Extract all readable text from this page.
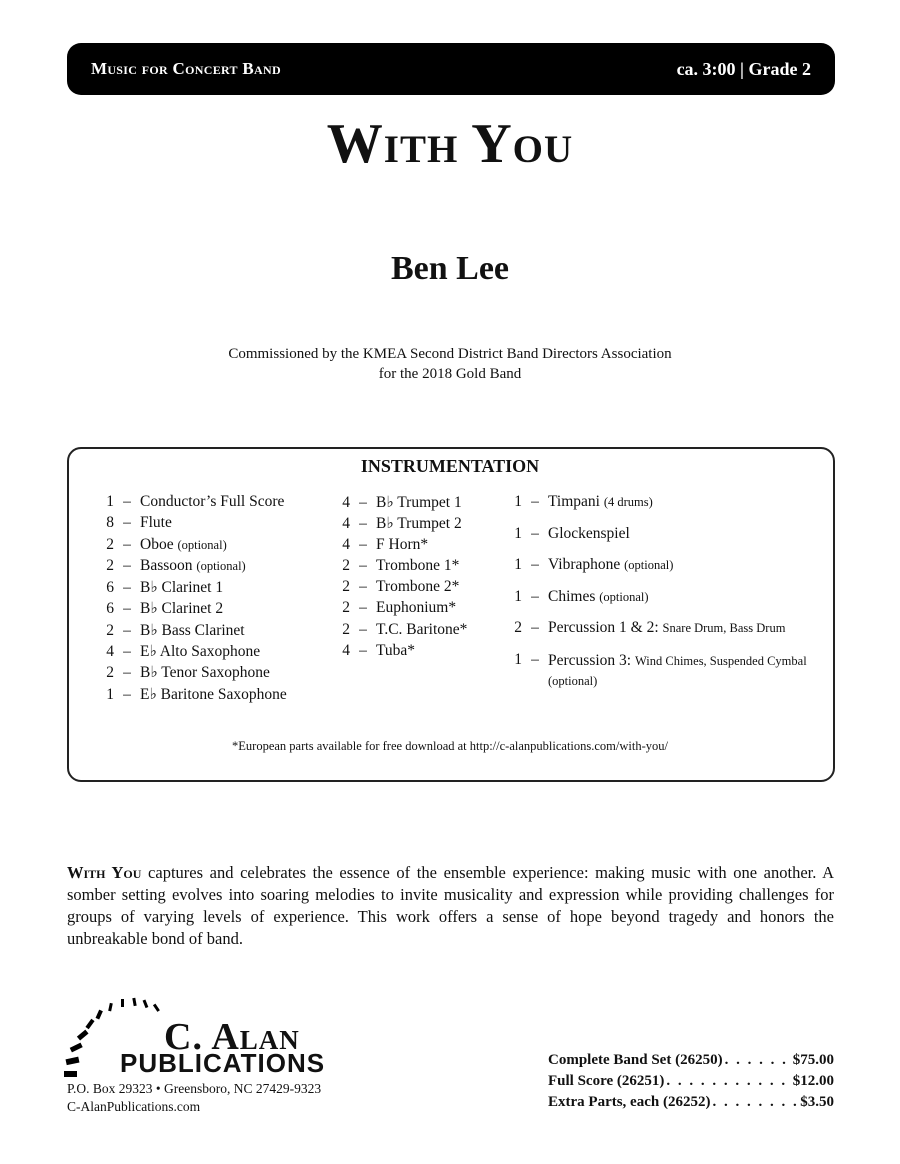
Music for Concert Band	ca. 3:00 | Grade 2
With You
Ben Lee
Commissioned by the KMEA Second District Band Directors Association
for the 2018 Gold Band
INSTRUMENTATION
1 – Conductor’s Full Score
8 – Flute
2 – Oboe
(optional)
2 – Bassoon
(optional)
6 – B♭ Clarinet 1
6 – B♭ Clarinet 2
2 – B♭ Bass Clarinet
4 – E♭ Alto Saxophone
2 – B♭ Tenor Saxophone
1 – E♭ Baritone Saxophone
4 – B♭ Trumpet 1
4 – B♭ Trumpet 2
4 – F Horn*
2 – Trombone 1*
2 – Trombone 2*
2 – Euphonium*
2 – T.C. Baritone*
4 – Tuba*
1 – Timpani
(4 drums)
1 – Glockenspiel
1 – Vibraphone
(optional)
1 – Chimes
(optional)
2 – Percussion 1 & 2:
Snare Drum, Bass Drum
1 – Percussion 3: Wind Chimes, Suspended Cymbal (optional)
*European parts available for free download at http://c-alanpublications.com/with-you/

With You captures and celebrates the essence of the ensemble experience: making music with one another. A somber setting evolves into soaring melodies to invite musicality and expression while providing challenges for groups of varying levels of experience. This work offers a sense of hope beyond tragedy and honors the unbreakable bond of band.

C. Alan
PUBLICATIONS
P.O. Box 29323 • Greensboro, NC 27429-9323
C-AlanPublications.com
Complete Band Set (26250) . . .	$75.00
Full Score (26251) . . .	$12.00
Extra Parts, each (26252) . . .	$3.50
